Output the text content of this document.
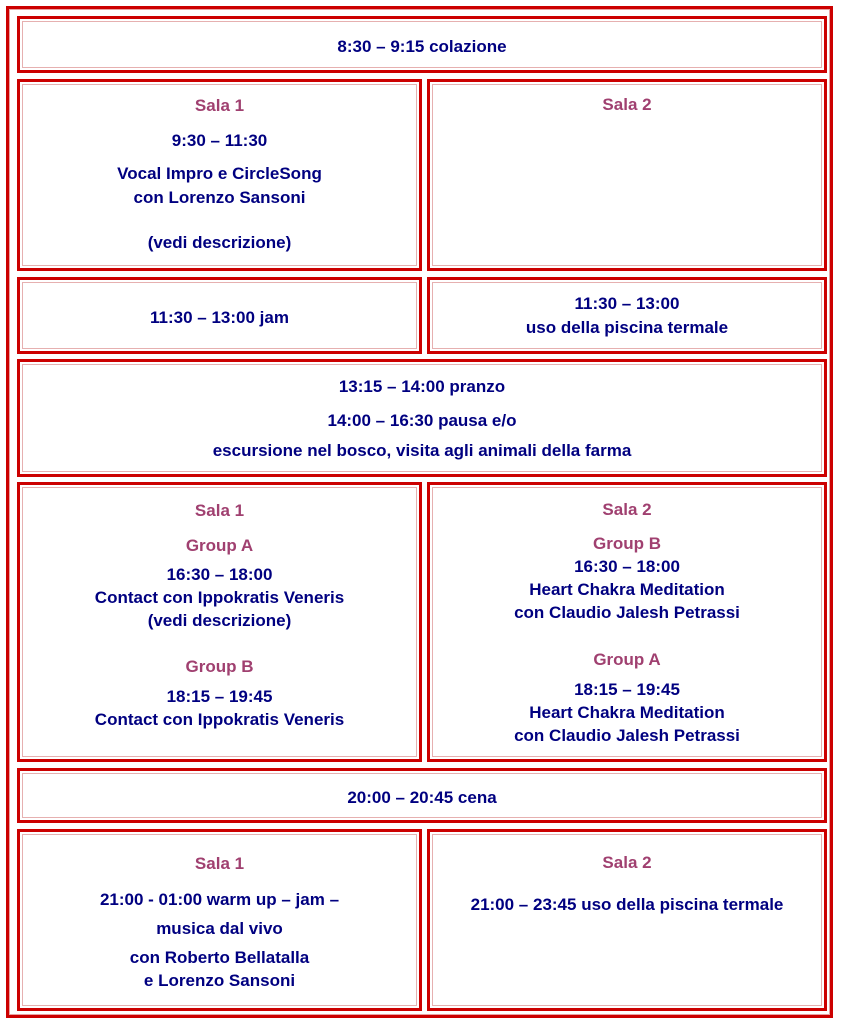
8:30 – 9:15 colazione
Sala 1
9:30 – 11:30
Vocal Impro e CircleSong
con Lorenzo Sansoni
(vedi descrizione)
Sala 2
11:30 – 13:00 jam
11:30 – 13:00
uso della piscina termale
13:15 – 14:00 pranzo
14:00 – 16:30 pausa e/o
escursione nel bosco, visita agli animali della farma
Sala 1
Group A
16:30 – 18:00
Contact con Ippokratis Veneris
(vedi descrizione)
Group B
18:15 – 19:45
Contact con Ippokratis Veneris
Sala 2
Group B
16:30 – 18:00
Heart Chakra Meditation
con Claudio Jalesh Petrassi
Group A
18:15 – 19:45
Heart Chakra Meditation
con Claudio Jalesh Petrassi
20:00 – 20:45 cena
Sala 1
21:00 - 01:00 warm up – jam –
musica dal vivo
con Roberto Bellatalla
e Lorenzo Sansoni
Sala 2
21:00 – 23:45 uso della piscina termale
